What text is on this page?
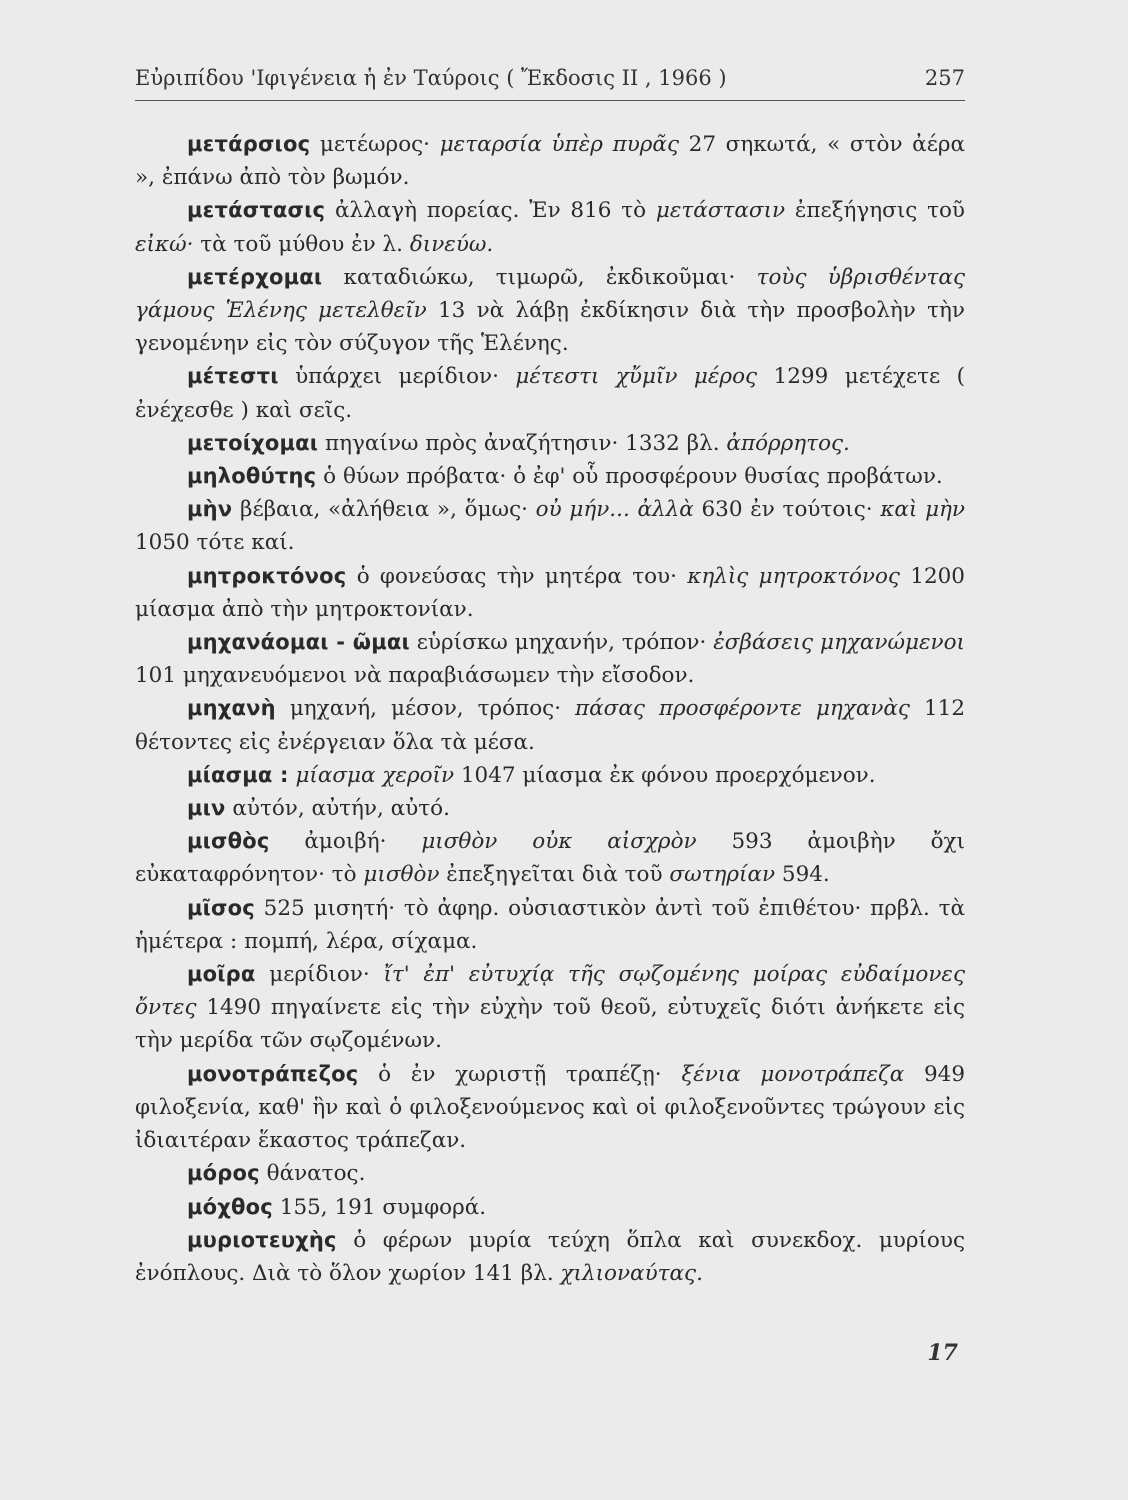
Εὐριπίδου 'Ιφιγένεια ἡ ἐν Ταύροις ( Ἔκδοσις ΙΙ , 1966 )	257

μετάρσιος μετέωρος· μεταρσία ὑπὲρ πυρᾶς 27 σηκωτά, « στὸν ἀέρα », ἐπάνω ἀπὸ τὸν βωμόν.

μετάστασις ἀλλαγὴ πορείας. Ἐν 816 τὸ μετάστασιν ἐπεξήγησις τοῦ εἰκώ· τὰ τοῦ μύθου ἐν λ. δινεύω.

μετέρχομαι καταδιώκω, τιμωρῶ, ἐκδικοῦμαι· τοὺς ὑβρισθέντας γάμους Ἑλένης μετελθεῖν 13 νὰ λάβῃ ἐκδίκησιν διὰ τὴν προσβολὴν τὴν γενομένην εἰς τὸν σύζυγον τῆς Ἑλένης.

μέτεστι ὑπάρχει μερίδιον· μέτεστι χὔμῖν μέρος 1299 μετέχετε ( ἐνέχεσθε ) καὶ σεῖς.

μετοίχομαι πηγαίνω πρὸς ἀναζήτησιν· 1332 βλ. ἀπόρρητος.

μηλοθύτης ὁ θύων πρόβατα· ὁ ἐφ' οὗ προσφέρουν θυσίας προβάτων.

μὴν βέβαια, «ἀλήθεια », ὅμως· οὐ μήν... ἀλλὰ 630 ἐν τούτοις· καὶ μὴν 1050 τότε καί.

μητροκτόνος ὁ φονεύσας τὴν μητέρα του· κηλὶς μητροκτόνος 1200 μίασμα ἀπὸ τὴν μητροκτονίαν.

μηχανάομαι - ῶμαι εὑρίσκω μηχανήν, τρόπον· ἐσβάσεις μηχανώμενοι 101 μηχανευόμενοι νὰ παραβιάσωμεν τὴν εἴσοδον.

μηχανὴ μηχανή, μέσον, τρόπος· πάσας προσφέροντε μηχανὰς 112 θέτοντες εἰς ἐνέργειαν ὅλα τὰ μέσα.

μίασμα : μίασμα χεροῖν 1047 μίασμα ἐκ φόνου προερχόμενον.

μιν αὐτόν, αὐτήν, αὐτό.

μισθὸς ἀμοιβή· μισθὸν οὐκ αἰσχρὸν 593 ἀμοιβὴν ὄχι εὐκαταφρόνητον· τὸ μισθὸν ἐπεξηγεῖται διὰ τοῦ σωτηρίαν 594.

μῖσος 525 μισητή· τὸ ἀφηρ. οὐσιαστικὸν ἀντὶ τοῦ ἐπιθέτου· πρβλ. τὰ ἡμέτερα : πομπή, λέρα, σίχαμα.

μοῖρα μερίδιον· ἴτ' ἐπ' εὐτυχίᾳ τῆς σῳζομένης μοίρας εὐδαίμονες ὄντες 1490 πηγαίνετε εἰς τὴν εὐχὴν τοῦ θεοῦ, εὐτυχεῖς διότι ἀνήκετε εἰς τὴν μερίδα τῶν σῳζομένων.

μονοτράπεζος ὁ ἐν χωριστῇ τραπέζῃ· ξένια μονοτράπεζα 949 φιλοξενία, καθ' ἣν καὶ ὁ φιλοξενούμενος καὶ οἱ φιλοξενοῦντες τρώγουν εἰς ἰδιαιτέραν ἕκαστος τράπεζαν.

μόρος θάνατος.

μόχθος 155, 191 συμφορά.

μυριοτευχὴς ὁ φέρων μυρία τεύχη ὅπλα καὶ συνεκδοχ. μυρίους ἐνόπλους. Διὰ τὸ ὅλον χωρίον 141 βλ. χιλιοναύτας.

17
